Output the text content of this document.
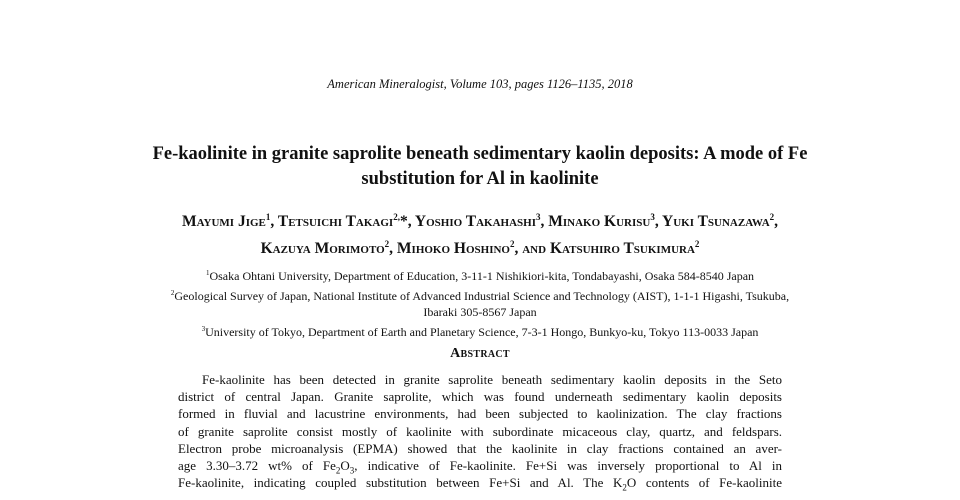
American Mineralogist, Volume 103, pages 1126–1135, 2018
Fe-kaolinite in granite saprolite beneath sedimentary kaolin deposits: A mode of Fe
substitution for Al in kaolinite
Mayumi Jige$^1$, Tetsuichi Takagi$^{2,}$*, Yoshio Takahashi$^3$, Minako Kurisu$^3$, Yuki Tsunazawa$^2$,
Kazuya Morimoto$^2$, Mihoko Hoshino$^2$, and Katsuhiro Tsukimura$^2$
$^1$Osaka Ohtani University, Department of Education, 3-11-1 Nishikiori-kita, Tondabayashi, Osaka 584-8540 Japan
$^2$Geological Survey of Japan, National Institute of Advanced Industrial Science and Technology (AIST), 1-1-1 Higashi, Tsukuba,
Ibaraki 305-8567 Japan
$^3$University of Tokyo, Department of Earth and Planetary Science, 7-3-1 Hongo, Bunkyo-ku, Tokyo 113-0033 Japan
Abstract
Fe-kaolinite has been detected in granite saprolite beneath sedimentary kaolin deposits in the Seto
district of central Japan. Granite saprolite, which was found underneath sedimentary kaolin deposits
formed in fluvial and lacustrine environments, had been subjected to kaolinization. The clay fractions
of granite saprolite consist mostly of kaolinite with subordinate micaceous clay, quartz, and feldspars.
Electron probe microanalysis (EPMA) showed that the kaolinite in clay fractions contained an aver-
age 3.30–3.72 wt% of $Fe_2O_3$, indicative of Fe-kaolinite. Fe+Si was inversely proportional to Al in
Fe-kaolinite, indicating coupled substitution between Fe+Si and Al. The $K_2O$ contents of Fe-kaolinite
